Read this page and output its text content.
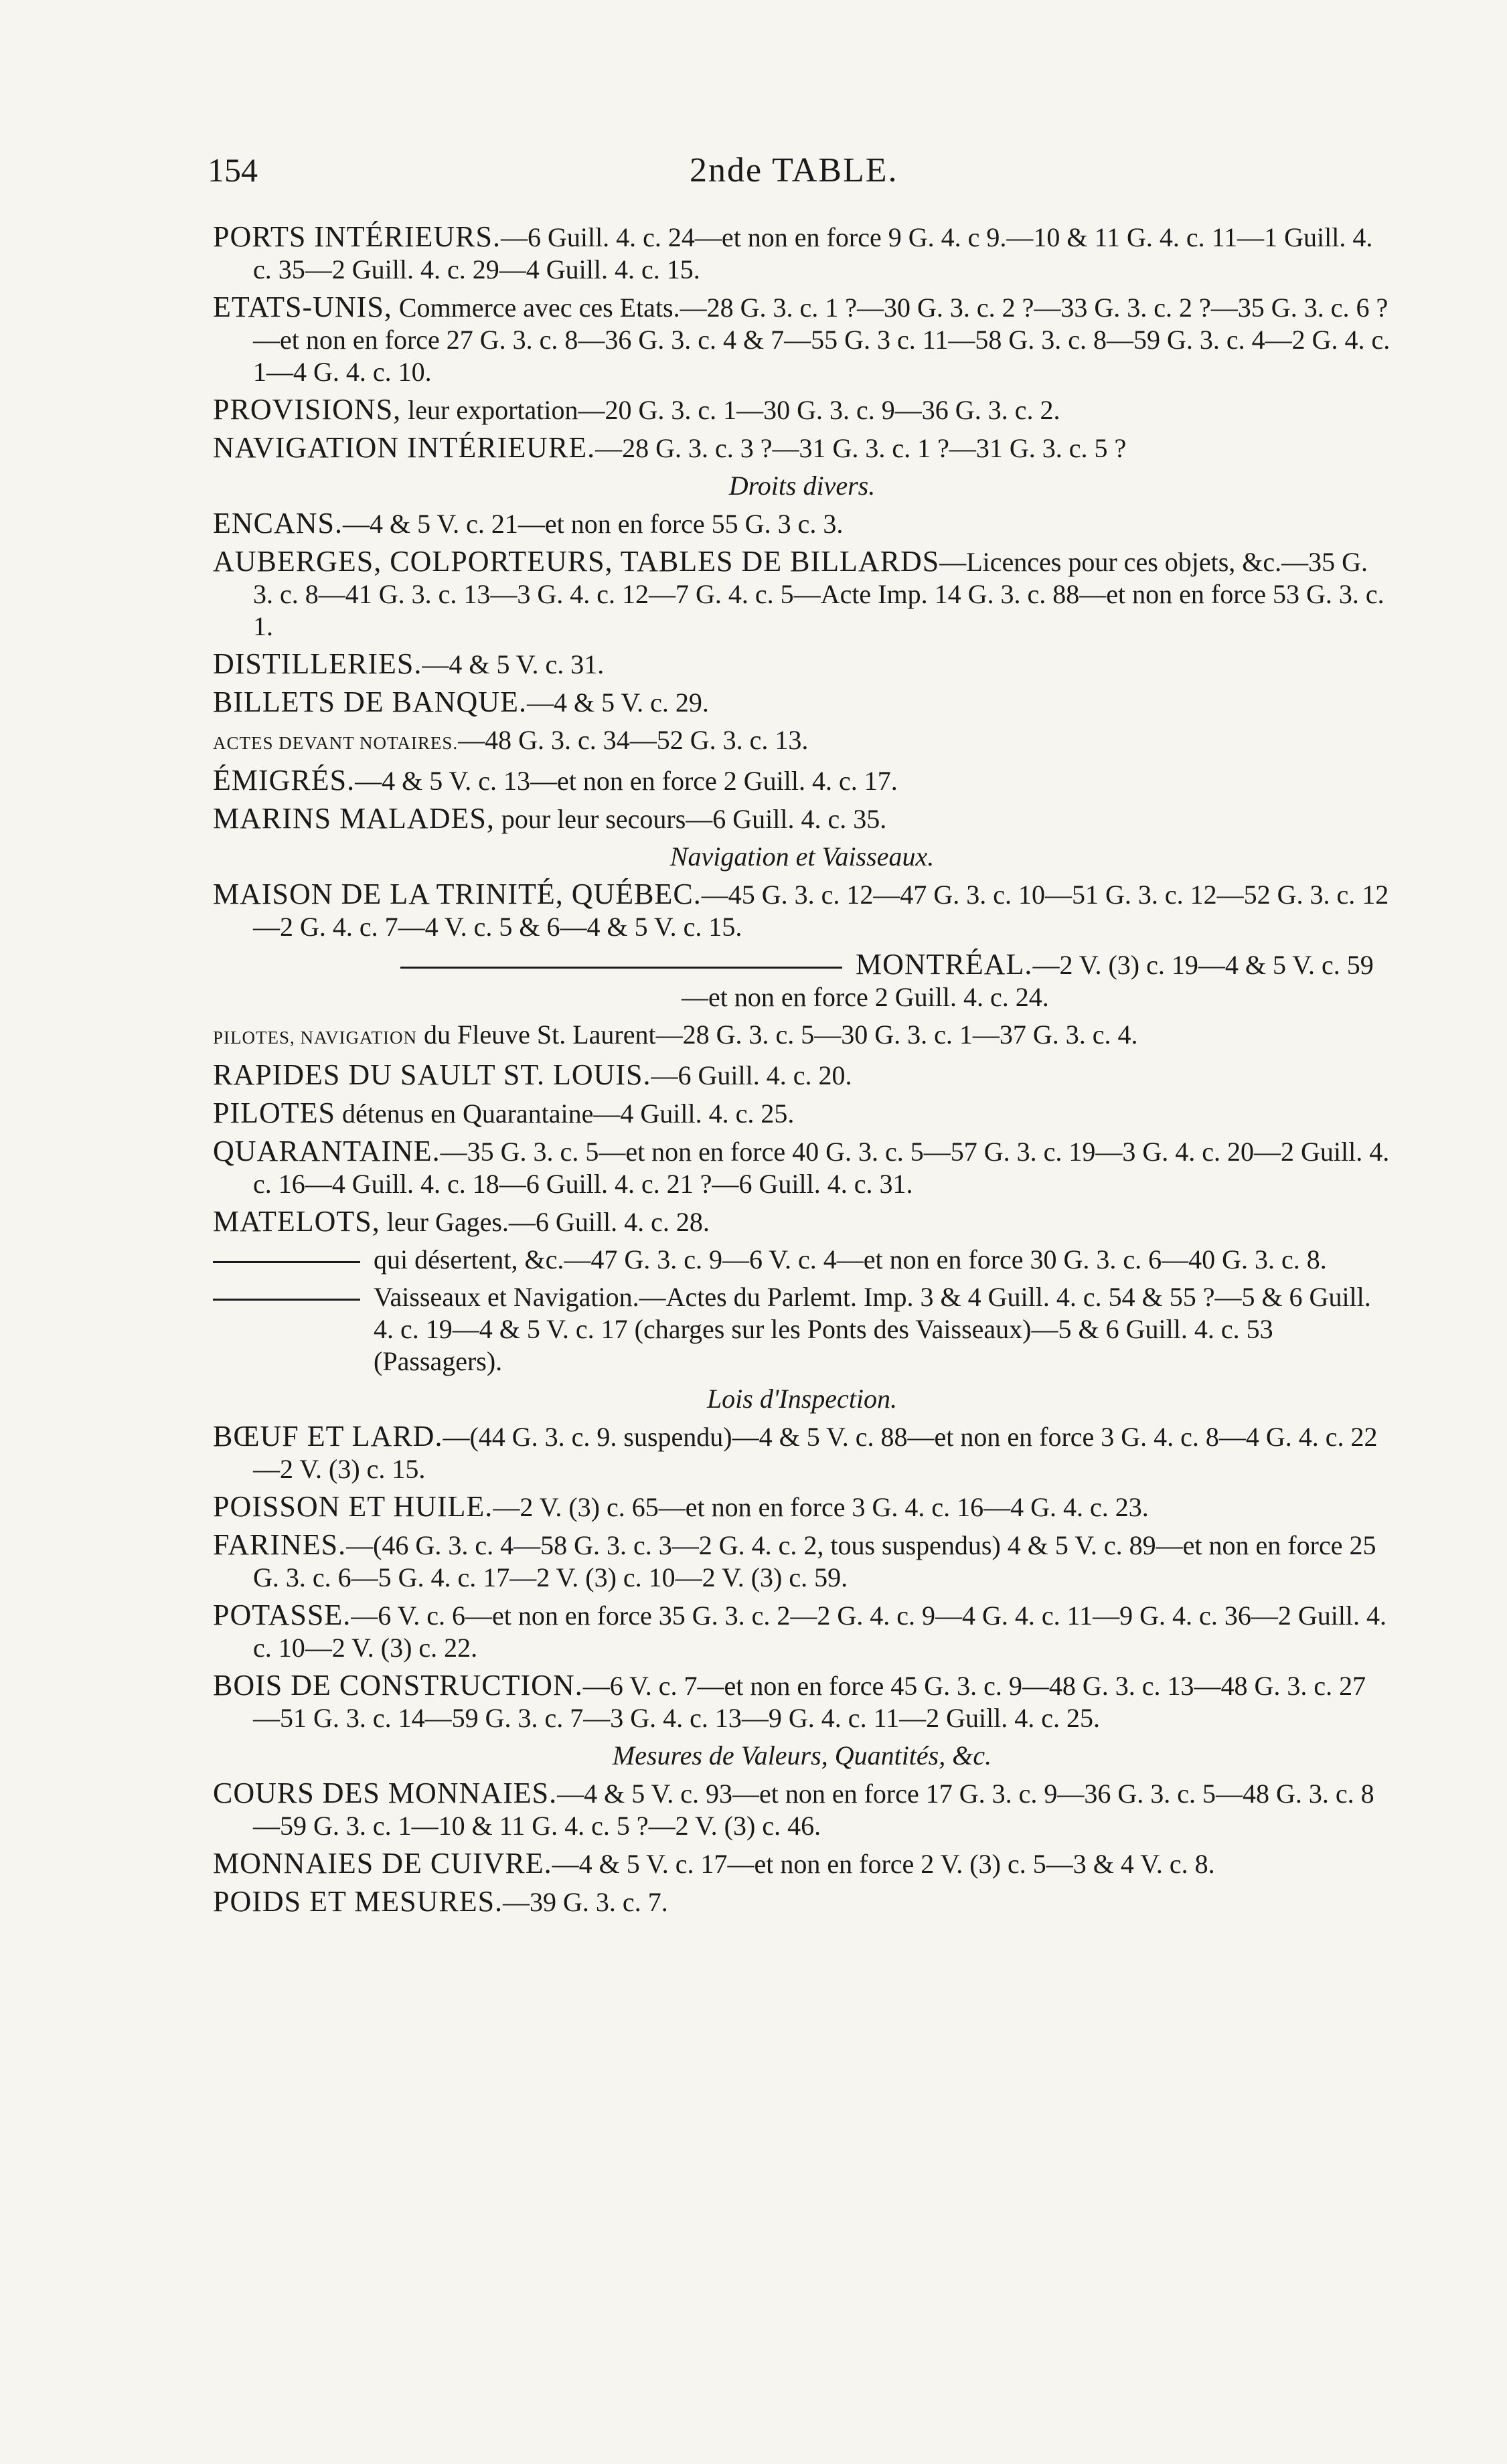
154	2nde TABLE.

PORTS INTÉRIEURS.—6 Guill. 4. c. 24—et non en force 9 G. 4. c 9.—10 & 11 G. 4. c. 11—1 Guill. 4. c. 35—2 Guill. 4. c. 29—4 Guill. 4. c. 15.

ETATS-UNIS, Commerce avec ces Etats.—28 G. 3. c. 1 ?—30 G. 3. c. 2 ?—33 G. 3. c. 2 ?—35 G. 3. c. 6 ?—et non en force 27 G. 3. c. 8—36 G. 3. c. 4 & 7—55 G. 3 c. 11—58 G. 3. c. 8—59 G. 3. c. 4—2 G. 4. c. 1—4 G. 4. c. 10.

PROVISIONS, leur exportation—20 G. 3. c. 1—30 G. 3. c. 9—36 G. 3. c. 2.

NAVIGATION INTÉRIEURE.—28 G. 3. c. 3 ?—31 G. 3. c. 1 ?—31 G. 3. c. 5 ?

Droits divers.

ENCANS.—4 & 5 V. c. 21—et non en force 55 G. 3 c. 3.

AUBERGES, COLPORTEURS, TABLES DE BILLARDS—Licences pour ces objets, &c.—35 G. 3. c. 8—41 G. 3. c. 13—3 G. 4. c. 12—7 G. 4. c. 5—Acte Imp. 14 G. 3. c. 88—et non en force 53 G. 3. c. 1.

DISTILLERIES.—4 & 5 V. c. 31.

BILLETS DE BANQUE.—4 & 5 V. c. 29.

ACTES DEVANT NOTAIRES.—48 G. 3. c. 34—52 G. 3. c. 13.

ÉMIGRÉS.—4 & 5 V. c. 13—et non en force 2 Guill. 4. c. 17.

MARINS MALADES, pour leur secours—6 Guill. 4. c. 35.

Navigation et Vaisseaux.

MAISON DE LA TRINITÉ, QUÉBEC.—45 G. 3. c. 12—47 G. 3. c. 10—51 G. 3. c. 12—52 G. 3. c. 12—2 G. 4. c. 7—4 V. c. 5 & 6—4 & 5 V. c. 15.

MONTRÉAL.—2 V. (3) c. 19—4 & 5 V. c. 59—et non en force 2 Guill. 4. c. 24.

PILOTES, NAVIGATION du Fleuve St. Laurent—28 G. 3. c. 5—30 G. 3. c. 1—37 G. 3. c. 4.

RAPIDES DU SAULT ST. LOUIS.—6 Guill. 4. c. 20.

PILOTES détenus en Quarantaine—4 Guill. 4. c. 25.

QUARANTAINE.—35 G. 3. c. 5—et non en force 40 G. 3. c. 5—57 G. 3. c. 19—3 G. 4. c. 20—2 Guill. 4. c. 16—4 Guill. 4. c. 18—6 Guill. 4. c. 21 ?—6 Guill. 4. c. 31.

MATELOTS, leur Gages.—6 Guill. 4. c. 28.

qui désertent, &c.—47 G. 3. c. 9—6 V. c. 4—et non en force 30 G. 3. c. 6—40 G. 3. c. 8.

Vaisseaux et Navigation.—Actes du Parlemt. Imp. 3 & 4 Guill. 4. c. 54 & 55 ?—5 & 6 Guill. 4. c. 19—4 & 5 V. c. 17 (charges sur les Ponts des Vaisseaux)—5 & 6 Guill. 4. c. 53 (Passagers).

Lois d'Inspection.

BŒUF ET LARD.—(44 G. 3. c. 9. suspendu)—4 & 5 V. c. 88—et non en force 3 G. 4. c. 8—4 G. 4. c. 22—2 V. (3) c. 15.

POISSON ET HUILE.—2 V. (3) c. 65—et non en force 3 G. 4. c. 16—4 G. 4. c. 23.

FARINES.—(46 G. 3. c. 4—58 G. 3. c. 3—2 G. 4. c. 2, tous suspendus) 4 & 5 V. c. 89—et non en force 25 G. 3. c. 6—5 G. 4. c. 17—2 V. (3) c. 10—2 V. (3) c. 59.

POTASSE.—6 V. c. 6—et non en force 35 G. 3. c. 2—2 G. 4. c. 9—4 G. 4. c. 11—9 G. 4. c. 36—2 Guill. 4. c. 10—2 V. (3) c. 22.

BOIS DE CONSTRUCTION.—6 V. c. 7—et non en force 45 G. 3. c. 9—48 G. 3. c. 13—48 G. 3. c. 27—51 G. 3. c. 14—59 G. 3. c. 7—3 G. 4. c. 13—9 G. 4. c. 11—2 Guill. 4. c. 25.

Mesures de Valeurs, Quantités, &c.

COURS DES MONNAIES.—4 & 5 V. c. 93—et non en force 17 G. 3. c. 9—36 G. 3. c. 5—48 G. 3. c. 8—59 G. 3. c. 1—10 & 11 G. 4. c. 5 ?—2 V. (3) c. 46.

MONNAIES DE CUIVRE.—4 & 5 V. c. 17—et non en force 2 V. (3) c. 5—3 & 4 V. c. 8.

POIDS ET MESURES.—39 G. 3. c. 7.
